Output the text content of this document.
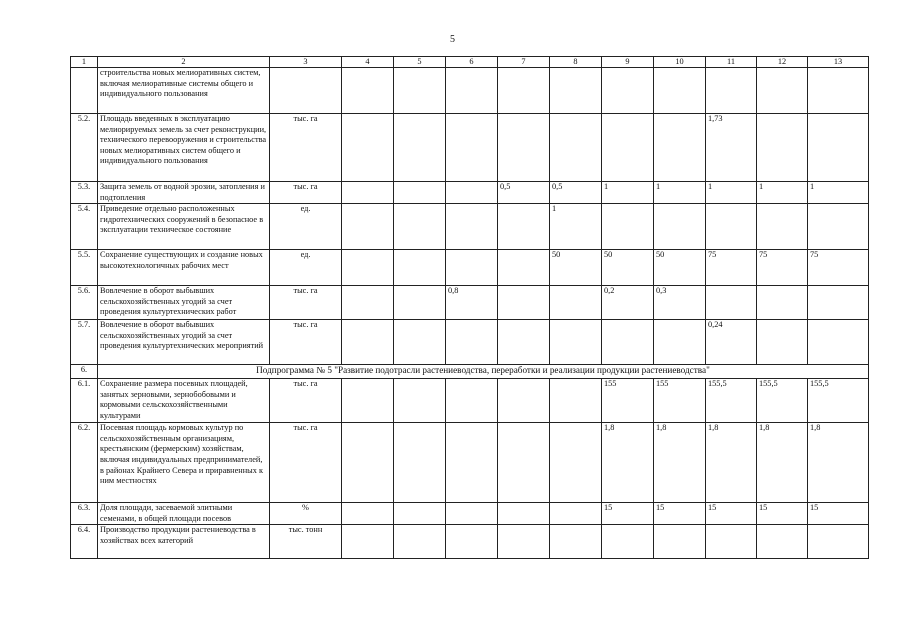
5
1	2	3	4	5	6	7	8	9	10	11	12	13
	строительства новых мелиоративных систем, включая мелиоративные системы общего и индивидуального пользования											
5.2.	Площадь введенных в эксплуатацию мелиорируемых земель за счет реконструкции, технического перевооружения и строительства новых мелиоративных систем общего и индивидуального пользования	тыс. га								1,73		
5.3.	Защита земель от водной эрозии, затопления и подтопления	тыс. га				0,5	0,5	1	1	1	1	1
5.4.	Приведение отдельно расположенных гидротехнических сооружений в безопасное в эксплуатации техническое состояние	ед.					1					
5.5.	Сохранение существующих и создание новых высокотехнологичных рабочих мест	ед.					50	50	50	75	75	75
5.6.	Вовлечение в оборот выбывших сельскохозяйственных угодий за счет проведения культуртехнических работ	тыс. га			0,8			0,2	0,3			
5.7.	Вовлечение в оборот выбывших сельскохозяйственных угодий за счет проведения культуртехнических мероприятий	тыс. га								0,24		
6.	Подпрограмма № 5 "Развитие подотрасли растениеводства, переработки и реализации продукции растениеводства"											
6.1.	Сохранение размера посевных площадей, занятых зерновыми, зернобобовыми и кормовыми сельскохозяйственными культурами	тыс. га						155	155	155,5	155,5	155,5
6.2.	Посевная площадь кормовых культур по сельскохозяйственным организациям, крестьянским (фермерским) хозяйствам, включая индивидуальных предпринимателей, в районах Крайнего Севера и приравненных к ним местностях	тыс. га						1,8	1,8	1,8	1,8	1,8
6.3.	Доля площади, засеваемой элитными семенами, в общей площади посевов	%						15	15	15	15	15
6.4.	Производство продукции растениеводства в хозяйствах всех категорий	тыс. тонн										
